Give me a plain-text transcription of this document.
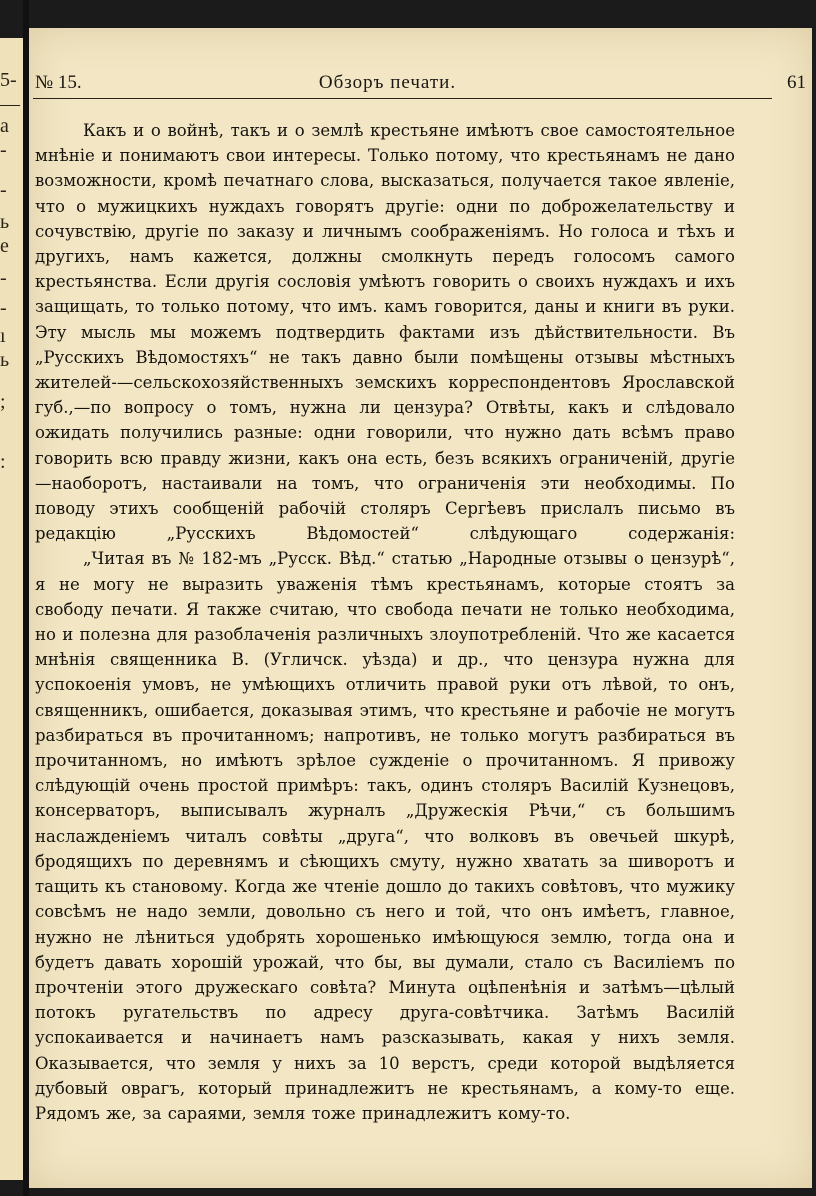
5-
—
a
-
-
ь
e
-
-
ı
ь
;
:
№ 15.	Обзоръ печати.	61

Какъ и о войнѣ, такъ и о землѣ крестьяне имѣютъ свое самостоятельное мнѣніе и понимаютъ свои интересы. Только потому, что крестьянамъ не дано возможности, кромѣ печатнаго слова, высказаться, получается такое явленіе, что о мужицкихъ нуждахъ говорятъ другіе: одни по доброжелательству и сочувствію, другіе по заказу и личнымъ соображеніямъ. Но голоса и тѣхъ и другихъ, намъ кажется, должны смолкнуть передъ голосомъ самого крестьянства. Если другія сословія умѣютъ говорить о своихъ нуждахъ и ихъ защищать, то только потому, что имъ. камъ говорится, даны и книги въ руки. Эту мысль мы можемъ подтвердить фактами изъ дѣйствительности. Въ „Русскихъ Вѣдомостяхъ“ не такъ давно были помѣщены отзывы мѣстныхъ жителей-—сельскохозяйственныхъ земскихъ корреспондентовъ Ярославской губ.,—по вопросу о томъ, нужна ли цензура? Отвѣты, какъ и слѣдовало ожидать получились разные: одни говорили, что нужно дать всѣмъ право говорить всю правду жизни, какъ она есть, безъ всякихъ ограниченій, другіе—наоборотъ, настаивали на томъ, что ограниченія эти необходимы. По поводу этихъ сообщеній рабочій столяръ Сергѣевъ прислалъ письмо въ редакцію „Русскихъ Вѣдомостей“ слѣдующаго содержанія:

„Читая въ № 182-мъ „Русск. Вѣд.“ статью „Народные отзывы о цензурѣ“, я не могу не выразить уваженія тѣмъ крестьянамъ, которые стоятъ за свободу печати. Я также считаю, что свобода печати не только необходима, но и полезна для разоблаченія различныхъ злоупотребленій. Что же касается мнѣнія священника В. (Угличск. уѣзда) и др., что цензура нужна для успокоенія умовъ, не умѣющихъ отличить правой руки отъ лѣвой, то онъ, священникъ, ошибается, доказывая этимъ, что крестьяне и рабочіе не могутъ разбираться въ прочитанномъ; напротивъ, не только могутъ разбираться въ прочитанномъ, но имѣютъ зрѣлое сужденіе о прочитанномъ. Я привожу слѣдующій очень простой примѣръ: такъ, одинъ столяръ Василій Кузнецовъ, консерваторъ, выписывалъ журналъ „Дружескія Рѣчи,“ съ большимъ наслажденіемъ читалъ совѣты „друга“, что волковъ въ овечьей шкурѣ, бродящихъ по деревнямъ и сѣющихъ смуту, нужно хватать за шиворотъ и тащить къ становому. Когда же чтеніе дошло до такихъ совѣтовъ, что мужику совсѣмъ не надо земли, довольно съ него и той, что онъ имѣетъ, главное, нужно не лѣниться удобрять хорошенько имѣющуюся землю, тогда она и будетъ давать хорошій урожай, что бы, вы думали, стало съ Василіемъ по прочтеніи этого дружескаго совѣта? Минута оцѣпенѣнія и затѣмъ—цѣлый потокъ ругательствъ по адресу друга-совѣтчика. Затѣмъ Василій успокаивается и начинаетъ намъ разсказывать, какая у нихъ земля. Оказывается, что земля у нихъ за 10 верстъ, среди которой выдѣляется дубовый оврагъ, который принадлежитъ не крестьянамъ, а кому-то еще. Рядомъ же, за сараями, земля тоже принадлежитъ кому-то.
